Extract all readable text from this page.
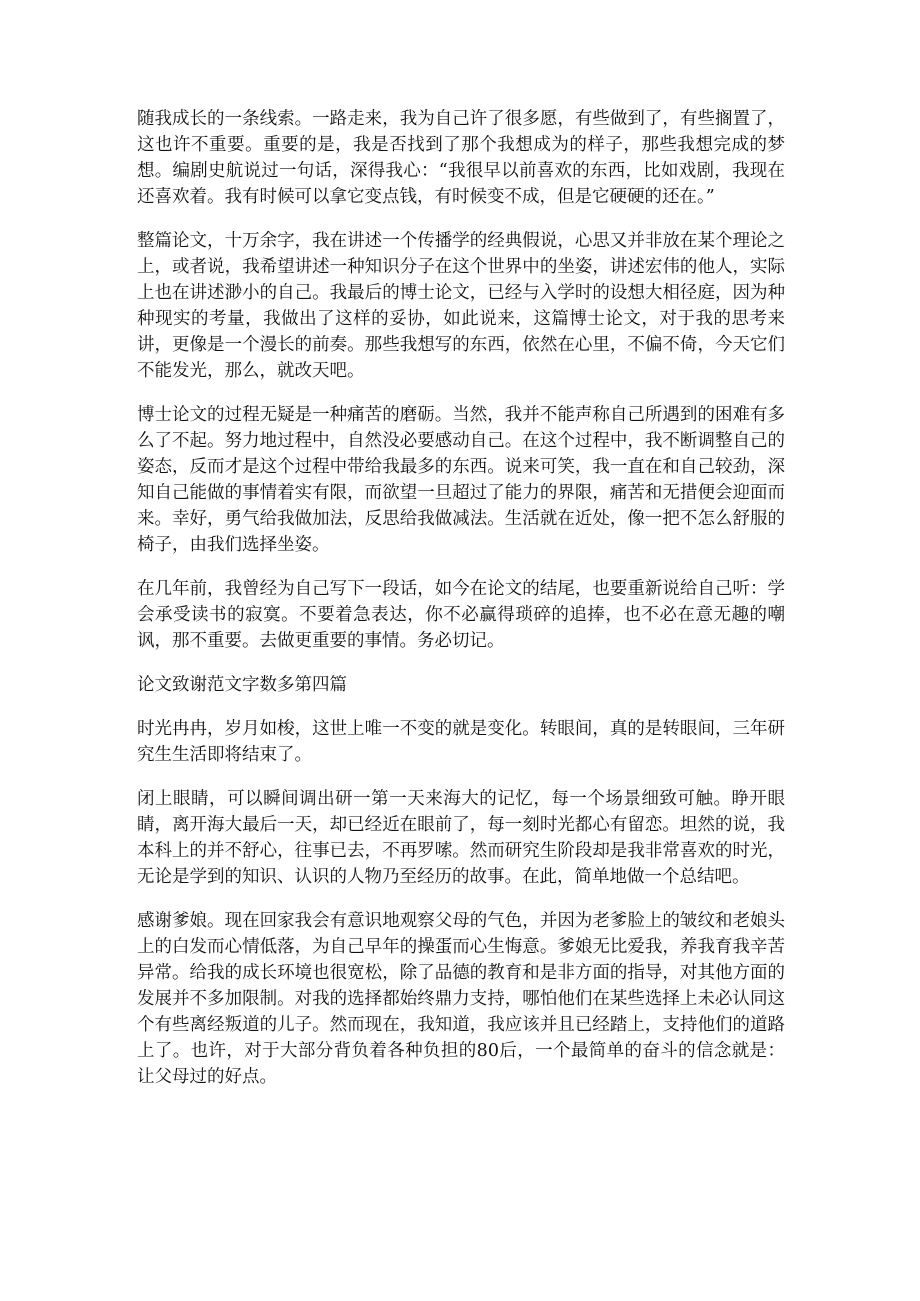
随我成长的一条线索。一路走来，我为自己许了很多愿，有些做到了，有些搁置了，这也许不重要。重要的是，我是否找到了那个我想成为的样子，那些我想完成的梦想。编剧史航说过一句话，深得我心：“我很早以前喜欢的东西，比如戏剧，我现在还喜欢着。我有时候可以拿它变点钱，有时候变不成，但是它硬硬的还在。”

整篇论文，十万余字，我在讲述一个传播学的经典假说，心思又并非放在某个理论之上，或者说，我希望讲述一种知识分子在这个世界中的坐姿，讲述宏伟的他人，实际上也在讲述渺小的自己。我最后的博士论文，已经与入学时的设想大相径庭，因为种种现实的考量，我做出了这样的妥协，如此说来，这篇博士论文，对于我的思考来讲，更像是一个漫长的前奏。那些我想写的东西，依然在心里，不偏不倚，今天它们不能发光，那么，就改天吧。

博士论文的过程无疑是一种痛苦的磨砺。当然，我并不能声称自己所遇到的困难有多么了不起。努力地过程中，自然没必要感动自己。在这个过程中，我不断调整自己的姿态，反而才是这个过程中带给我最多的东西。说来可笑，我一直在和自己较劲，深知自己能做的事情着实有限，而欲望一旦超过了能力的界限，痛苦和无措便会迎面而来。幸好，勇气给我做加法，反思给我做减法。生活就在近处，像一把不怎么舒服的椅子，由我们选择坐姿。

在几年前，我曾经为自己写下一段话，如今在论文的结尾，也要重新说给自己听：学会承受读书的寂寞。不要着急表达，你不必赢得琐碎的追捧，也不必在意无趣的嘲讽，那不重要。去做更重要的事情。务必切记。

论文致谢范文字数多第四篇

时光冉冉，岁月如梭，这世上唯一不变的就是变化。转眼间，真的是转眼间，三年研究生生活即将结束了。

闭上眼睛，可以瞬间调出研一第一天来海大的记忆，每一个场景细致可触。睁开眼睛，离开海大最后一天，却已经近在眼前了，每一刻时光都心有留恋。坦然的说，我本科上的并不舒心，往事已去，不再罗嗦。然而研究生阶段却是我非常喜欢的时光，无论是学到的知识、认识的人物乃至经历的故事。在此，简单地做一个总结吧。

感谢爹娘。现在回家我会有意识地观察父母的气色，并因为老爹脸上的皱纹和老娘头上的白发而心情低落，为自己早年的操蛋而心生悔意。爹娘无比爱我，养我育我辛苦异常。给我的成长环境也很宽松，除了品德的教育和是非方面的指导，对其他方面的发展并不多加限制。对我的选择都始终鼎力支持，哪怕他们在某些选择上未必认同这个有些离经叛道的儿子。然而现在，我知道，我应该并且已经踏上，支持他们的道路上了。也许，对于大部分背负着各种负担的80后，一个最简单的奋斗的信念就是：让父母过的好点。
